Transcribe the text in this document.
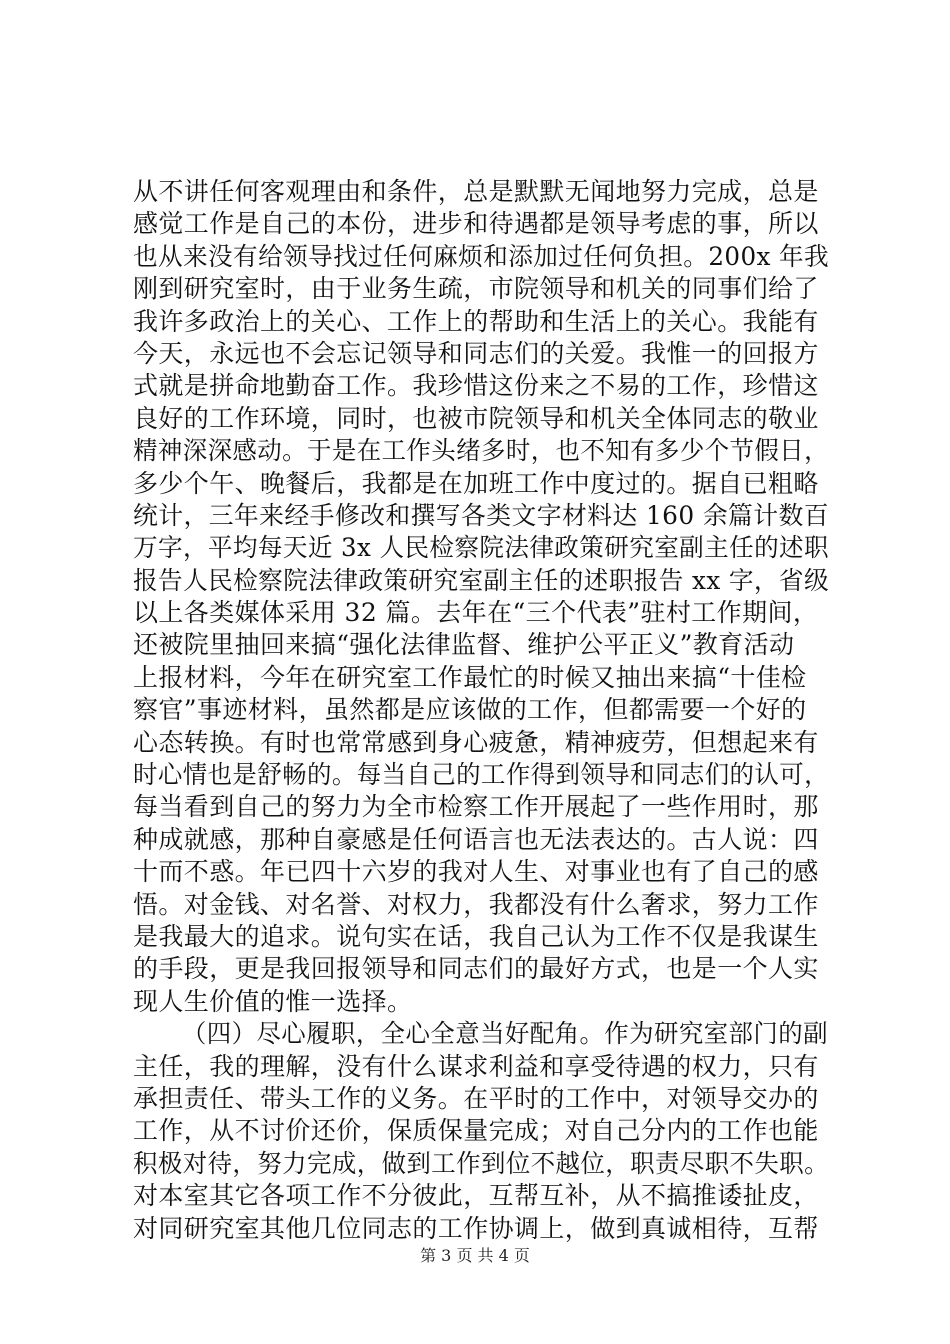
从不讲任何客观理由和条件，总是默默无闻地努力完成，总是
感觉工作是自己的本份，进步和待遇都是领导考虑的事，所以
也从来没有给领导找过任何麻烦和添加过任何负担。200x 年我
刚到研究室时，由于业务生疏，市院领导和机关的同事们给了
我许多政治上的关心、工作上的帮助和生活上的关心。我能有
今天，永远也不会忘记领导和同志们的关爱。我惟一的回报方
式就是拼命地勤奋工作。我珍惜这份来之不易的工作，珍惜这
良好的工作环境，同时，也被市院领导和机关全体同志的敬业
精神深深感动。于是在工作头绪多时，也不知有多少个节假日，
多少个午、晚餐后，我都是在加班工作中度过的。据自已粗略
统计，三年来经手修改和撰写各类文字材料达 160 余篇计数百
万字，平均每天近 3x 人民检察院法律政策研究室副主任的述职
报告人民检察院法律政策研究室副主任的述职报告 xx 字，省级
以上各类媒体采用 32 篇。去年在“三个代表”驻村工作期间，
还被院里抽回来搞“强化法律监督、维护公平正义”教育活动
上报材料，今年在研究室工作最忙的时候又抽出来搞“十佳检
察官”事迹材料，虽然都是应该做的工作，但都需要一个好的
心态转换。有时也常常感到身心疲惫，精神疲劳，但想起来有
时心情也是舒畅的。每当自己的工作得到领导和同志们的认可，
每当看到自己的努力为全市检察工作开展起了一些作用时，那
种成就感，那种自豪感是任何语言也无法表达的。古人说：四
十而不惑。年已四十六岁的我对人生、对事业也有了自己的感
悟。对金钱、对名誉、对权力，我都没有什么奢求，努力工作
是我最大的追求。说句实在话，我自己认为工作不仅是我谋生
的手段，更是我回报领导和同志们的最好方式，也是一个人实
现人生价值的惟一选择。
（四）尽心履职，全心全意当好配角。作为研究室部门的副
主任，我的理解，没有什么谋求利益和享受待遇的权力，只有
承担责任、带头工作的义务。在平时的工作中，对领导交办的
工作，从不讨价还价，保质保量完成；对自己分内的工作也能
积极对待，努力完成，做到工作到位不越位，职责尽职不失职。
对本室其它各项工作不分彼此，互帮互补，从不搞推诿扯皮，
对同研究室其他几位同志的工作协调上，做到真诚相待，互帮
第 3 页 共 4 页
